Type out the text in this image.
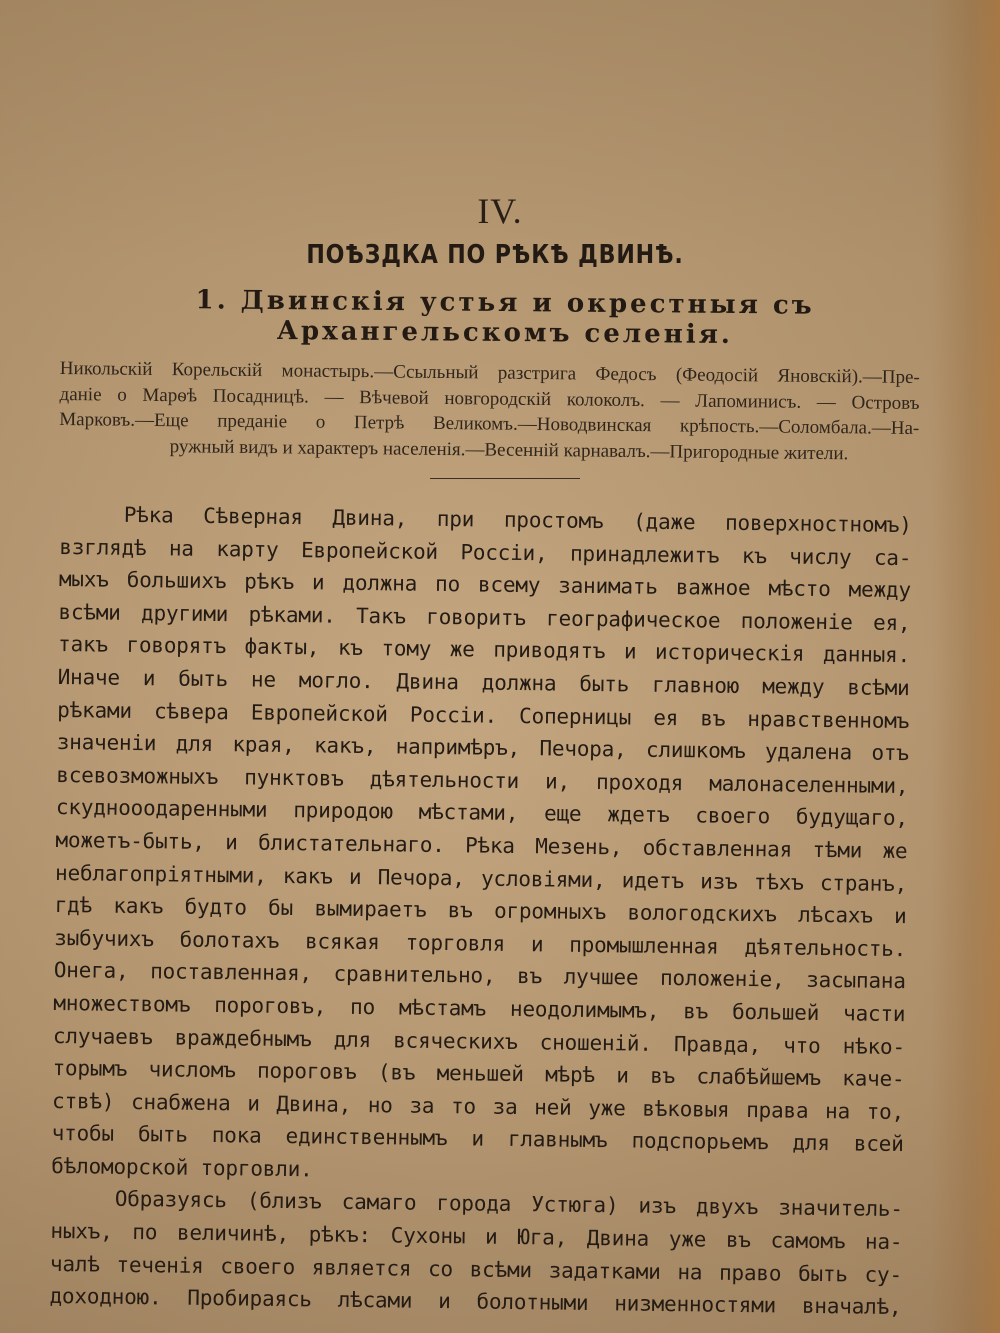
IV.
ПОѢЗДКА ПО РѢКѢ ДВИНѢ.
1. Двинскія устья и окрестныя съ Архангельскомъ селенія.
Никольскій Корельскій монастырь.—Ссыльный разстрига Федосъ (Феодосій Яновскій).—Пре-
даніе о Марѳѣ Посадницѣ. — Вѣчевой новгородскій колоколъ. — Лапоминисъ. — Островъ
Марковъ.—Еще преданіе о Петрѣ Великомъ.—Новодвинская крѣпость.—Соломбала.—На-
ружный видъ и характеръ населенія.—Весенній карнавалъ.—Пригородные жители.
Рѣка Сѣверная Двина, при простомъ (даже поверхностномъ)
взглядѣ на карту Европейской Россіи, принадлежитъ къ числу са-
мыхъ большихъ рѣкъ и должна по всему занимать важное мѣсто между
всѣми другими рѣками. Такъ говоритъ географическое положеніе ея,
такъ говорятъ факты, къ тому же приводятъ и историческія данныя.
Иначе и быть не могло. Двина должна быть главною между всѣми
рѣками сѣвера Европейской Россіи. Соперницы ея въ нравственномъ
значеніи для края, какъ, напримѣръ, Печора, слишкомъ удалена отъ
всевозможныхъ пунктовъ дѣятельности и, проходя малонаселенными,
скуднооодаренными природою мѣстами, еще ждетъ своего будущаго,
можетъ-быть, и блистательнаго. Рѣка Мезень, обставленная тѣми же
неблагопріятными, какъ и Печора, условіями, идетъ изъ тѣхъ странъ,
гдѣ какъ будто бы вымираетъ въ огромныхъ вологодскихъ лѣсахъ и
зыбучихъ болотахъ всякая торговля и промышленная дѣятельность.
Онега, поставленная, сравнительно, въ лучшее положеніе, засыпана
множествомъ пороговъ, по мѣстамъ неодолимымъ, въ большей части
случаевъ враждебнымъ для всяческихъ сношеній. Правда, что нѣко-
торымъ числомъ пороговъ (въ меньшей мѣрѣ и въ слабѣйшемъ каче-
ствѣ) снабжена и Двина, но за то за ней уже вѣковыя права на то,
чтобы быть пока единственнымъ и главнымъ подспорьемъ для всей
бѣломорской торговли.
Образуясь (близъ самаго города Устюга) изъ двухъ значитель-
ныхъ, по величинѣ, рѣкъ: Сухоны и Юга, Двина уже въ самомъ на-
чалѣ теченія своего является со всѣми задатками на право быть су-
доходною. Пробираясь лѣсами и болотными низменностями вначалѣ,
